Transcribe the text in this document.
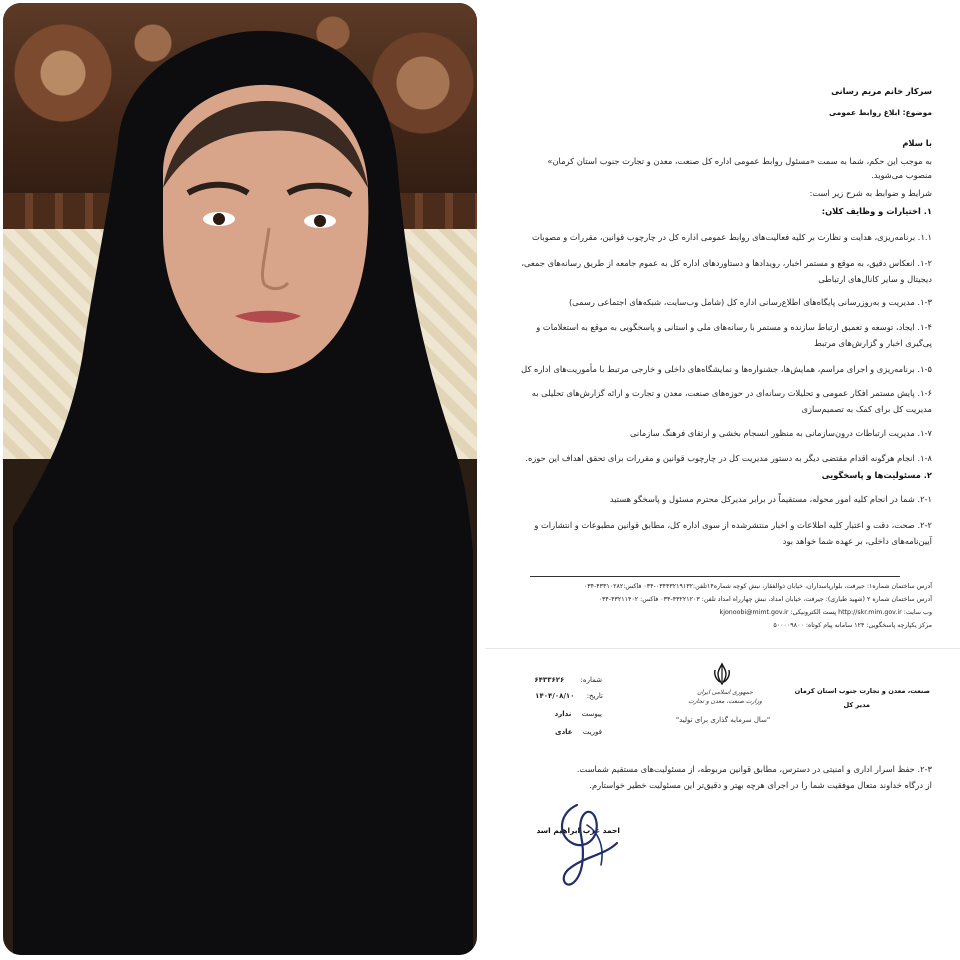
سرکار خانم مریم رسانی
موضوع: ابلاغ روابط عمومی
با سلام
به موجب این حکم، شما به سمت «مسئول روابط عمومی اداره کل صنعت، معدن و تجارت جنوب استان کرمان»
منصوب می‌شوید.
شرایط و ضوابط به شرح زیر است:
۱. اختیارات و وظایف کلان:
۱.۱. برنامه‌ریزی، هدایت و نظارت بر کلیه فعالیت‌های روابط عمومی اداره کل در چارچوب قوانین، مقررات و مصوبات
۱-۲. انعکاس دقیق، به موقع و مستمر اخبار، رویدادها و دستاوردهای اداره کل به عموم جامعه از طریق رسانه‌های جمعی،
دیجیتال و سایر کانال‌های ارتباطی
۱-۳. مدیریت و به‌روزرسانی پایگاه‌های اطلاع‌رسانی اداره کل (شامل وب‌سایت، شبکه‌های اجتماعی رسمی)
۱-۴. ایجاد، توسعه و تعمیق ارتباط سازنده و مستمر با رسانه‌های ملی و استانی و پاسخگویی به موقع به استعلامات و
پی‌گیری اخبار و گزارش‌های مرتبط
۱-۵. برنامه‌ریزی و اجرای مراسم، همایش‌ها، جشنواره‌ها و نمایشگاه‌های داخلی و خارجی مرتبط با مأموریت‌های اداره کل
۱-۶. پایش مستمر افکار عمومی و تحلیلات رسانه‌ای در حوزه‌های صنعت، معدن و تجارت و ارائه گزارش‌های تحلیلی به
مدیریت کل برای کمک به تصمیم‌سازی
۱-۷. مدیریت ارتباطات درون‌سازمانی به منظور انسجام بخشی و ارتقای فرهنگ سازمانی
۱-۸. انجام هرگونه اقدام مقتضی دیگر به دستور مدیریت کل در چارچوب قوانین و مقررات برای تحقق اهداف این حوزه.
۲. مسئولیت‌ها و پاسخگویی
۲-۱. شما در انجام کلیه امور محوله، مستقیماً در برابر مدیرکل محترم مسئول و پاسخگو هستید
۲-۲. صحت، دقت و اعتبار کلیه اطلاعات و اخبار منتشرشده از سوی اداره کل، مطابق قوانین مطبوعات و انتشارات و
آیین‌نامه‌های داخلی، بر عهده شما خواهد بود
آدرس ساختمان شماره۱: جیرفت، بلوارپاسداران، خیابان ذوالفقار، نبش کوچه شماره۱۴تلفن:۰۳۴۴۳۲۱۹۱۳۲-۰۳۴ فاکس:۴۳۳۱۰۲۸۲-۰۳۴
آدرس ساختمان شماره ۲ (شهید طیاری): جیرفت، خیابان امداد، نبش چهارراه امداد تلفن: ۴۳۲۲۱۲۰۳-۰۳۴ فاکس: ۴۳۲۱۱۴۰۲-۰۳۴
وب سایت: http://skr.mim.gov.ir پست الکترونیکی: kjonoobi@mimt.gov.ir
مرکز یکپارچه پاسخگویی: ۱۲۴ سامانه پیام کوتاه: ۵۰۰۰۰۹۸۰۰
صنعت، معدن و تجارت جنوب استان کرمان
مدیر کل
جمهوری اسلامی ایران
وزارت صنعت، معدن و تجارت
"سال سرمایه گذاری برای تولید"
شماره: ۶۴۳۳۶۲۶
تاریخ: ۱۴۰۴/۰۸/۱۰
پیوست ندارد
فوریت عادی
۲-۳. حفظ اسرار اداری و امنیتی در دسترس، مطابق قوانین مربوطه، از مسئولیت‌های مستقیم شماست.
از درگاه خداوند متعال موفقیت شما را در اجرای هرچه بهتر و دقیق‌تر این مسئولیت خطیر خواستارم.
احمد عرب ابراهیم اسد
